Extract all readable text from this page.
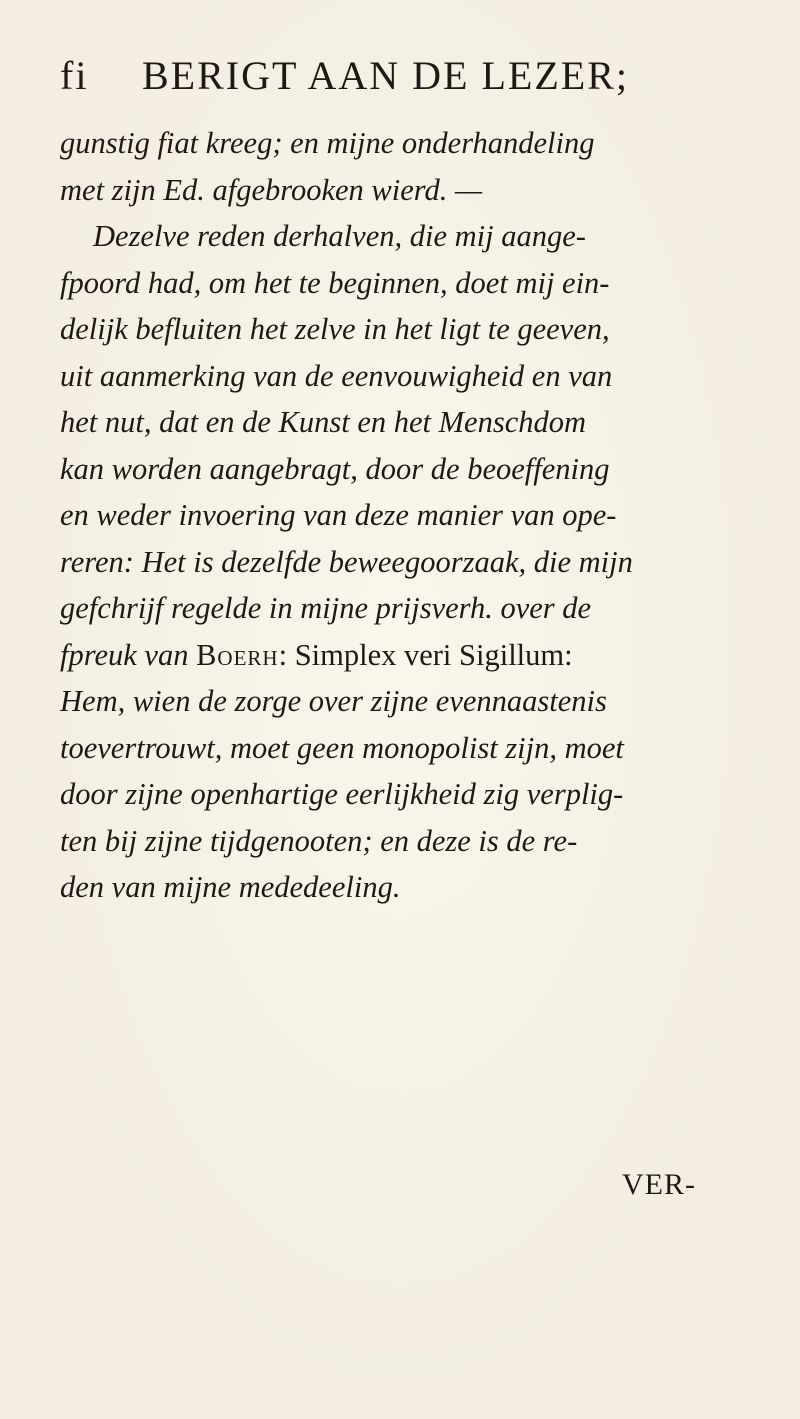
fi BERIGT AAN DE LEZER;
gunstig fiat kreeg; en mijne onderhandeling
met zijn Ed. afgebrooken wierd. —
Dezelve reden derhalven, die mij aange-
fpoord had, om het te beginnen, doet mij ein-
delijk befluiten het zelve in het ligt te geeven,
uit aanmerking van de eenvouwigheid en van
het nut, dat en de Kunst en het Menschdom
kan worden aangebragt, door de beoeffening
en weder invoering van deze manier van ope-
reren: Het is dezelfde beweegoorzaak, die mijn
gefchrijf regelde in mijne prijsverh. over de
fpreuk van Boerh: Simplex veri Sigillum:
Hem, wien de zorge over zijne evennaastenis
toevertrouwt, moet geen monopolist zijn, moet
door zijne openhartige eerlijkheid zig verplig-
ten bij zijne tijdgenooten; en deze is de re-
den van mijne mededeeling.
VER-
